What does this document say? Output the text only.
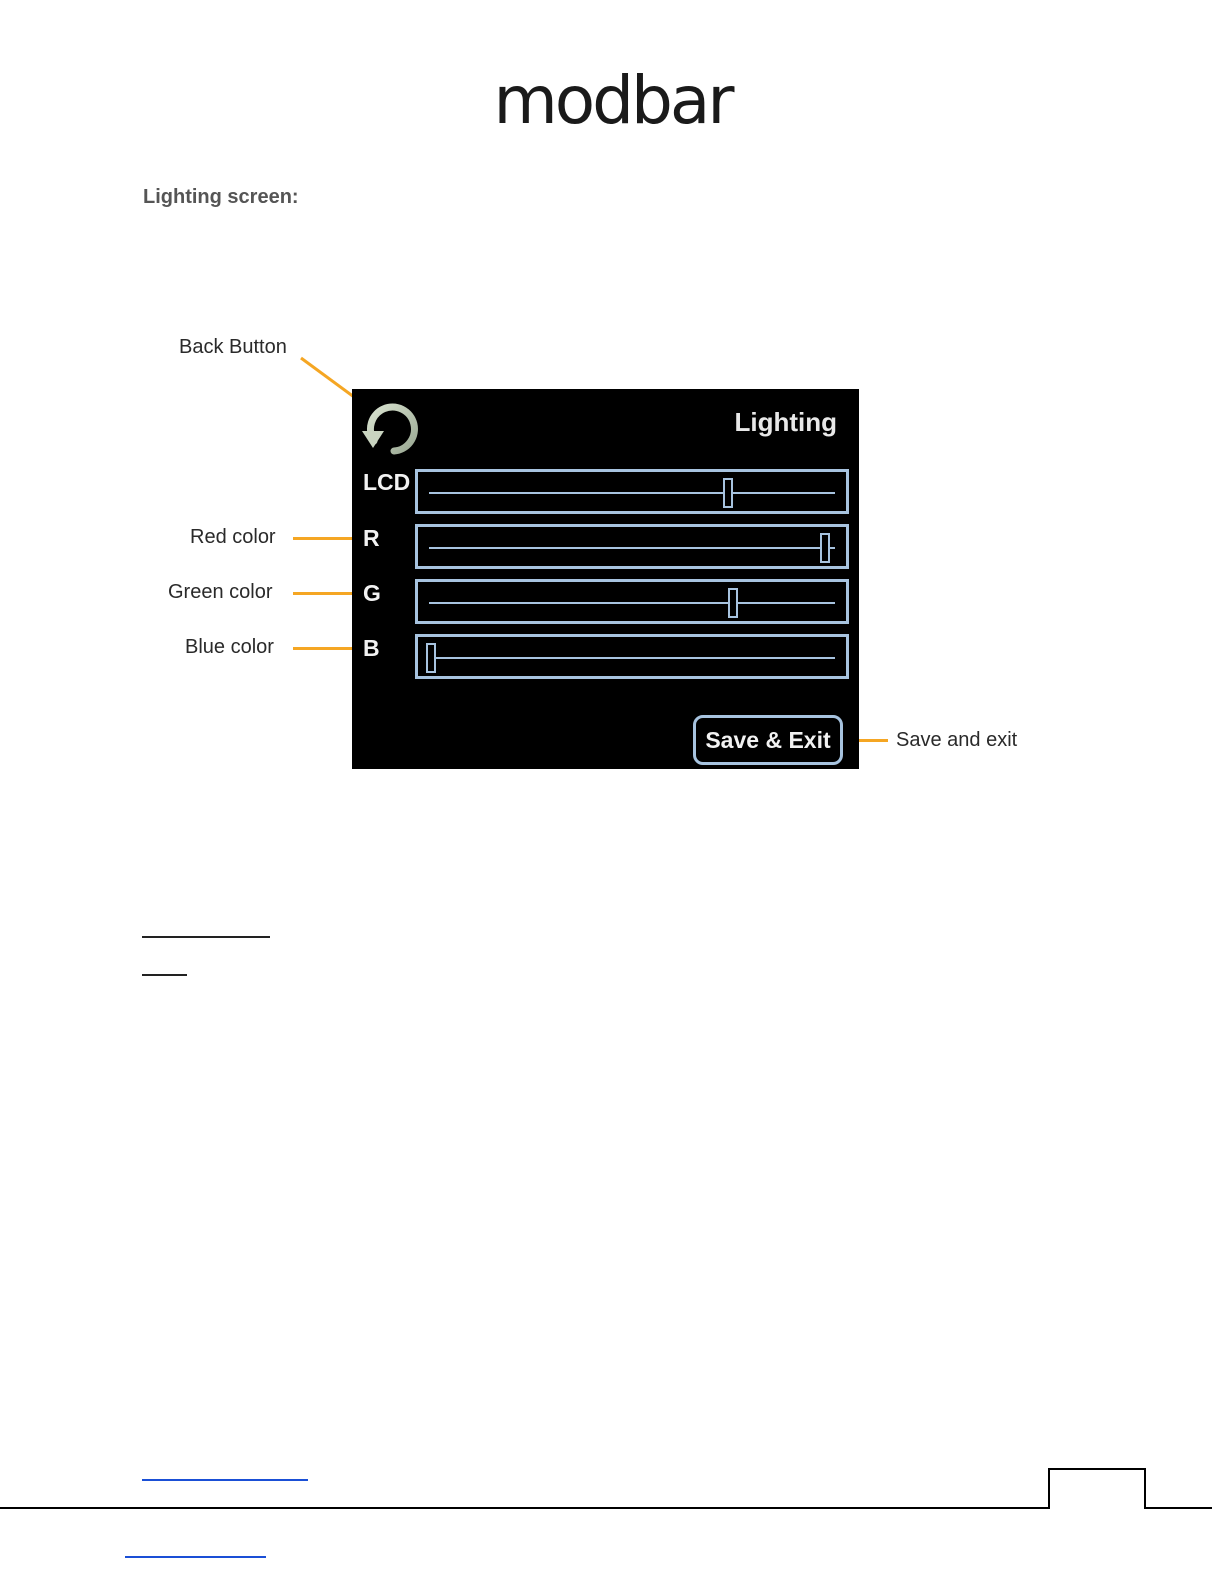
modbar
Lighting screen:
Back Button
Red color
Green color
Blue color
Save and exit
Lighting
LCD
R
G
B
Save & Exit
